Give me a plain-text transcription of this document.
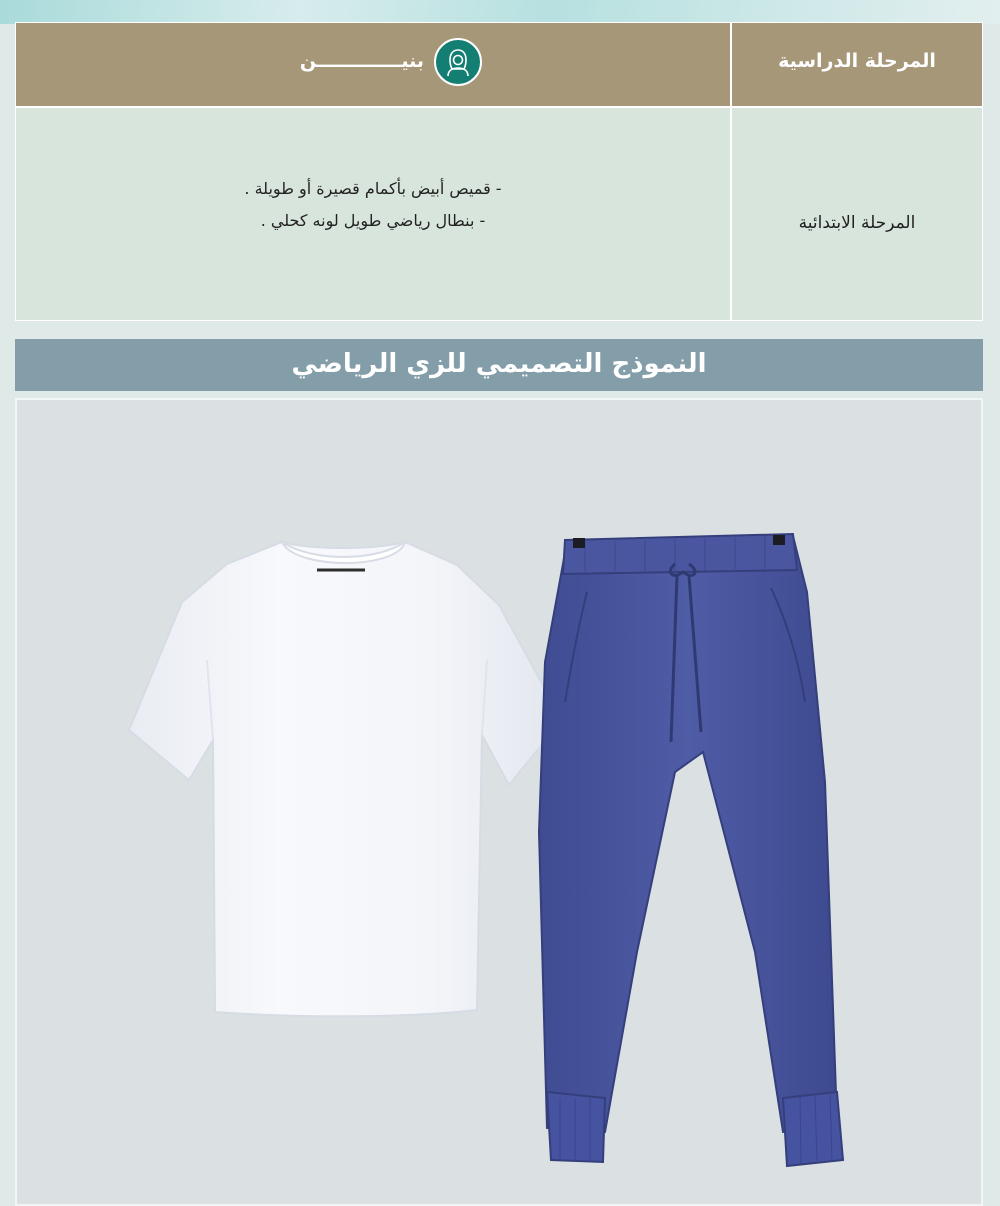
بنيـــــــــــــن	المرحلة الدراسية
- قميص أبيض بأكمام قصيرة أو طويلة .
- بنطال رياضي طويل لونه كحلي .	المرحلة الابتدائية
النموذج التصميمي للزي الرياضي
